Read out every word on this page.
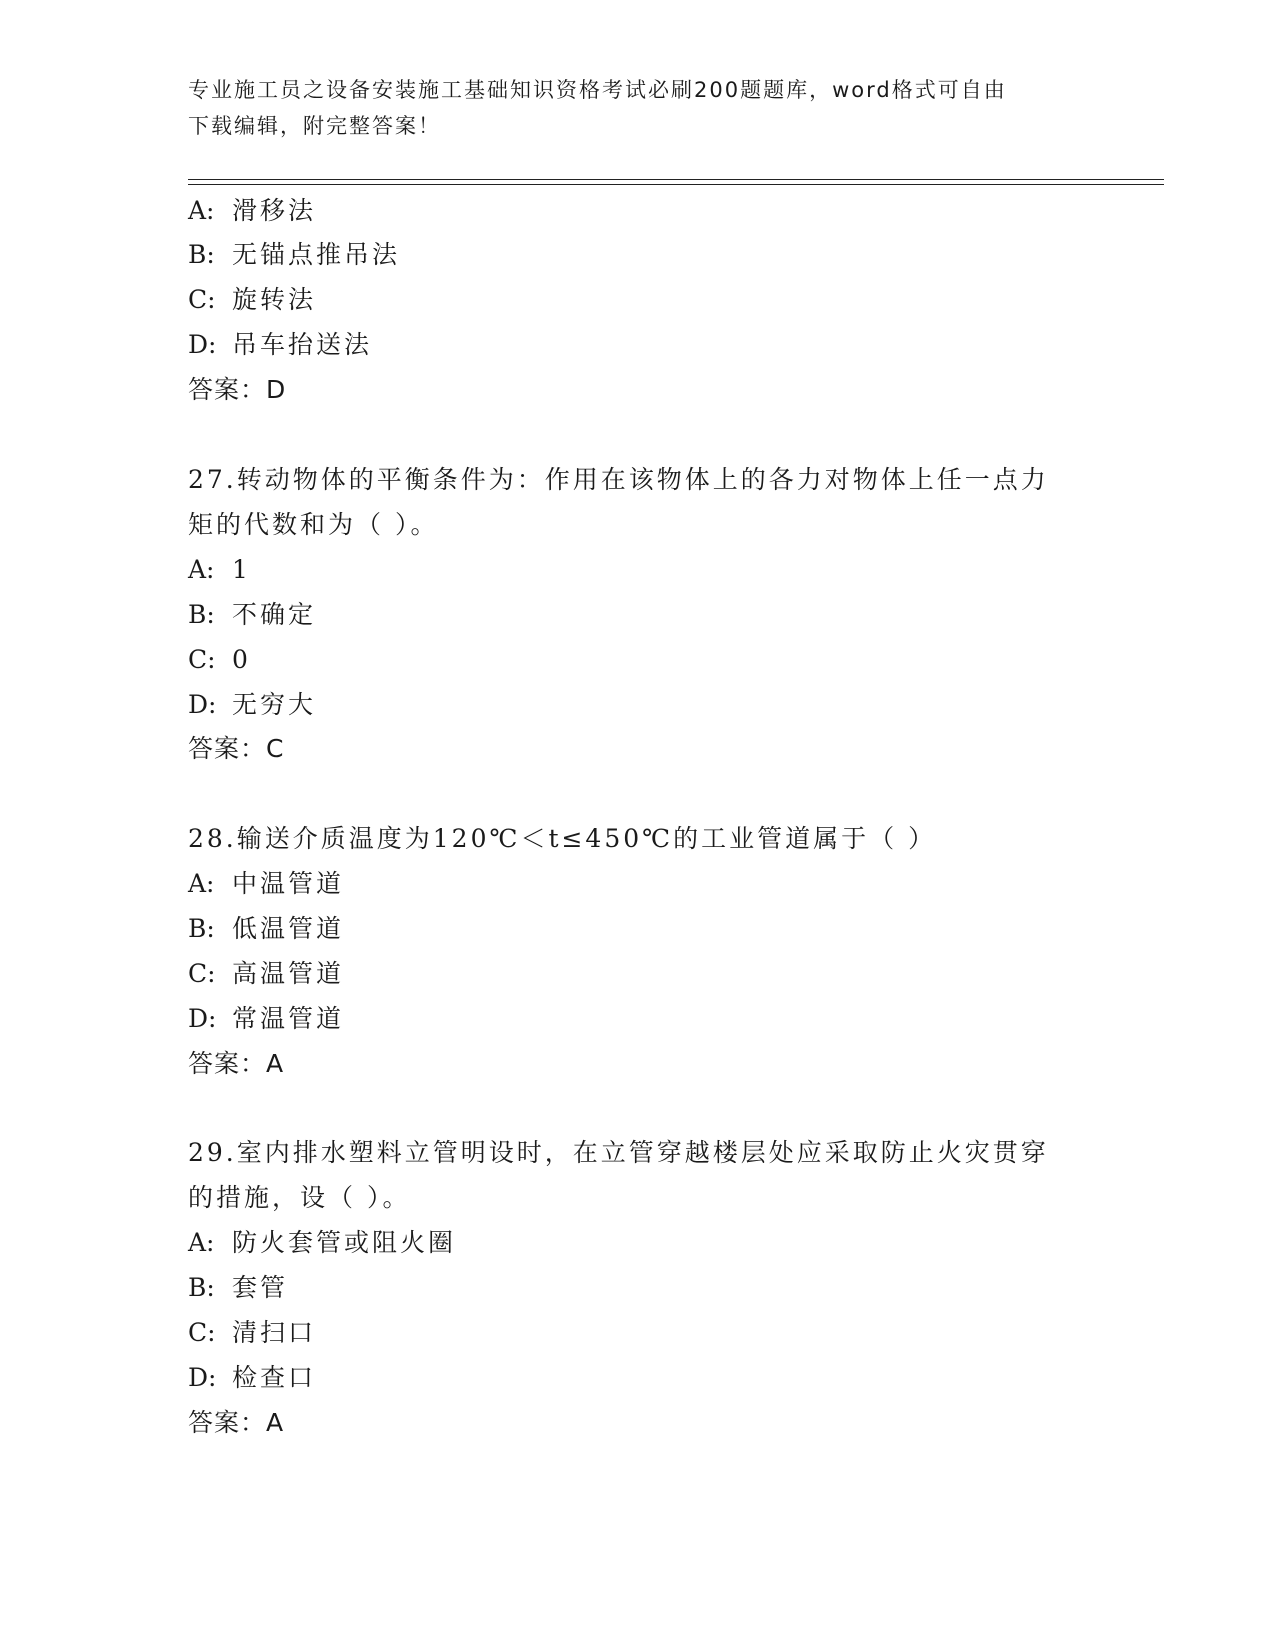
专业施工员之设备安装施工基础知识资格考试必刷200题题库，word格式可自由
下载编辑，附完整答案！
A: 滑移法
B: 无锚点推吊法
C: 旋转法
D: 吊车抬送法
答案：D
27.转动物体的平衡条件为：作用在该物体上的各力对物体上任一点力
矩的代数和为（ ）。
A: 1
B: 不确定
C: 0
D: 无穷大
答案：C
28.输送介质温度为120℃＜t≤450℃的工业管道属于（ ）
A: 中温管道
B: 低温管道
C: 高温管道
D: 常温管道
答案：A
29.室内排水塑料立管明设时，在立管穿越楼层处应采取防止火灾贯穿
的措施，设（ ）。
A: 防火套管或阻火圈
B: 套管
C: 清扫口
D: 检查口
答案：A
